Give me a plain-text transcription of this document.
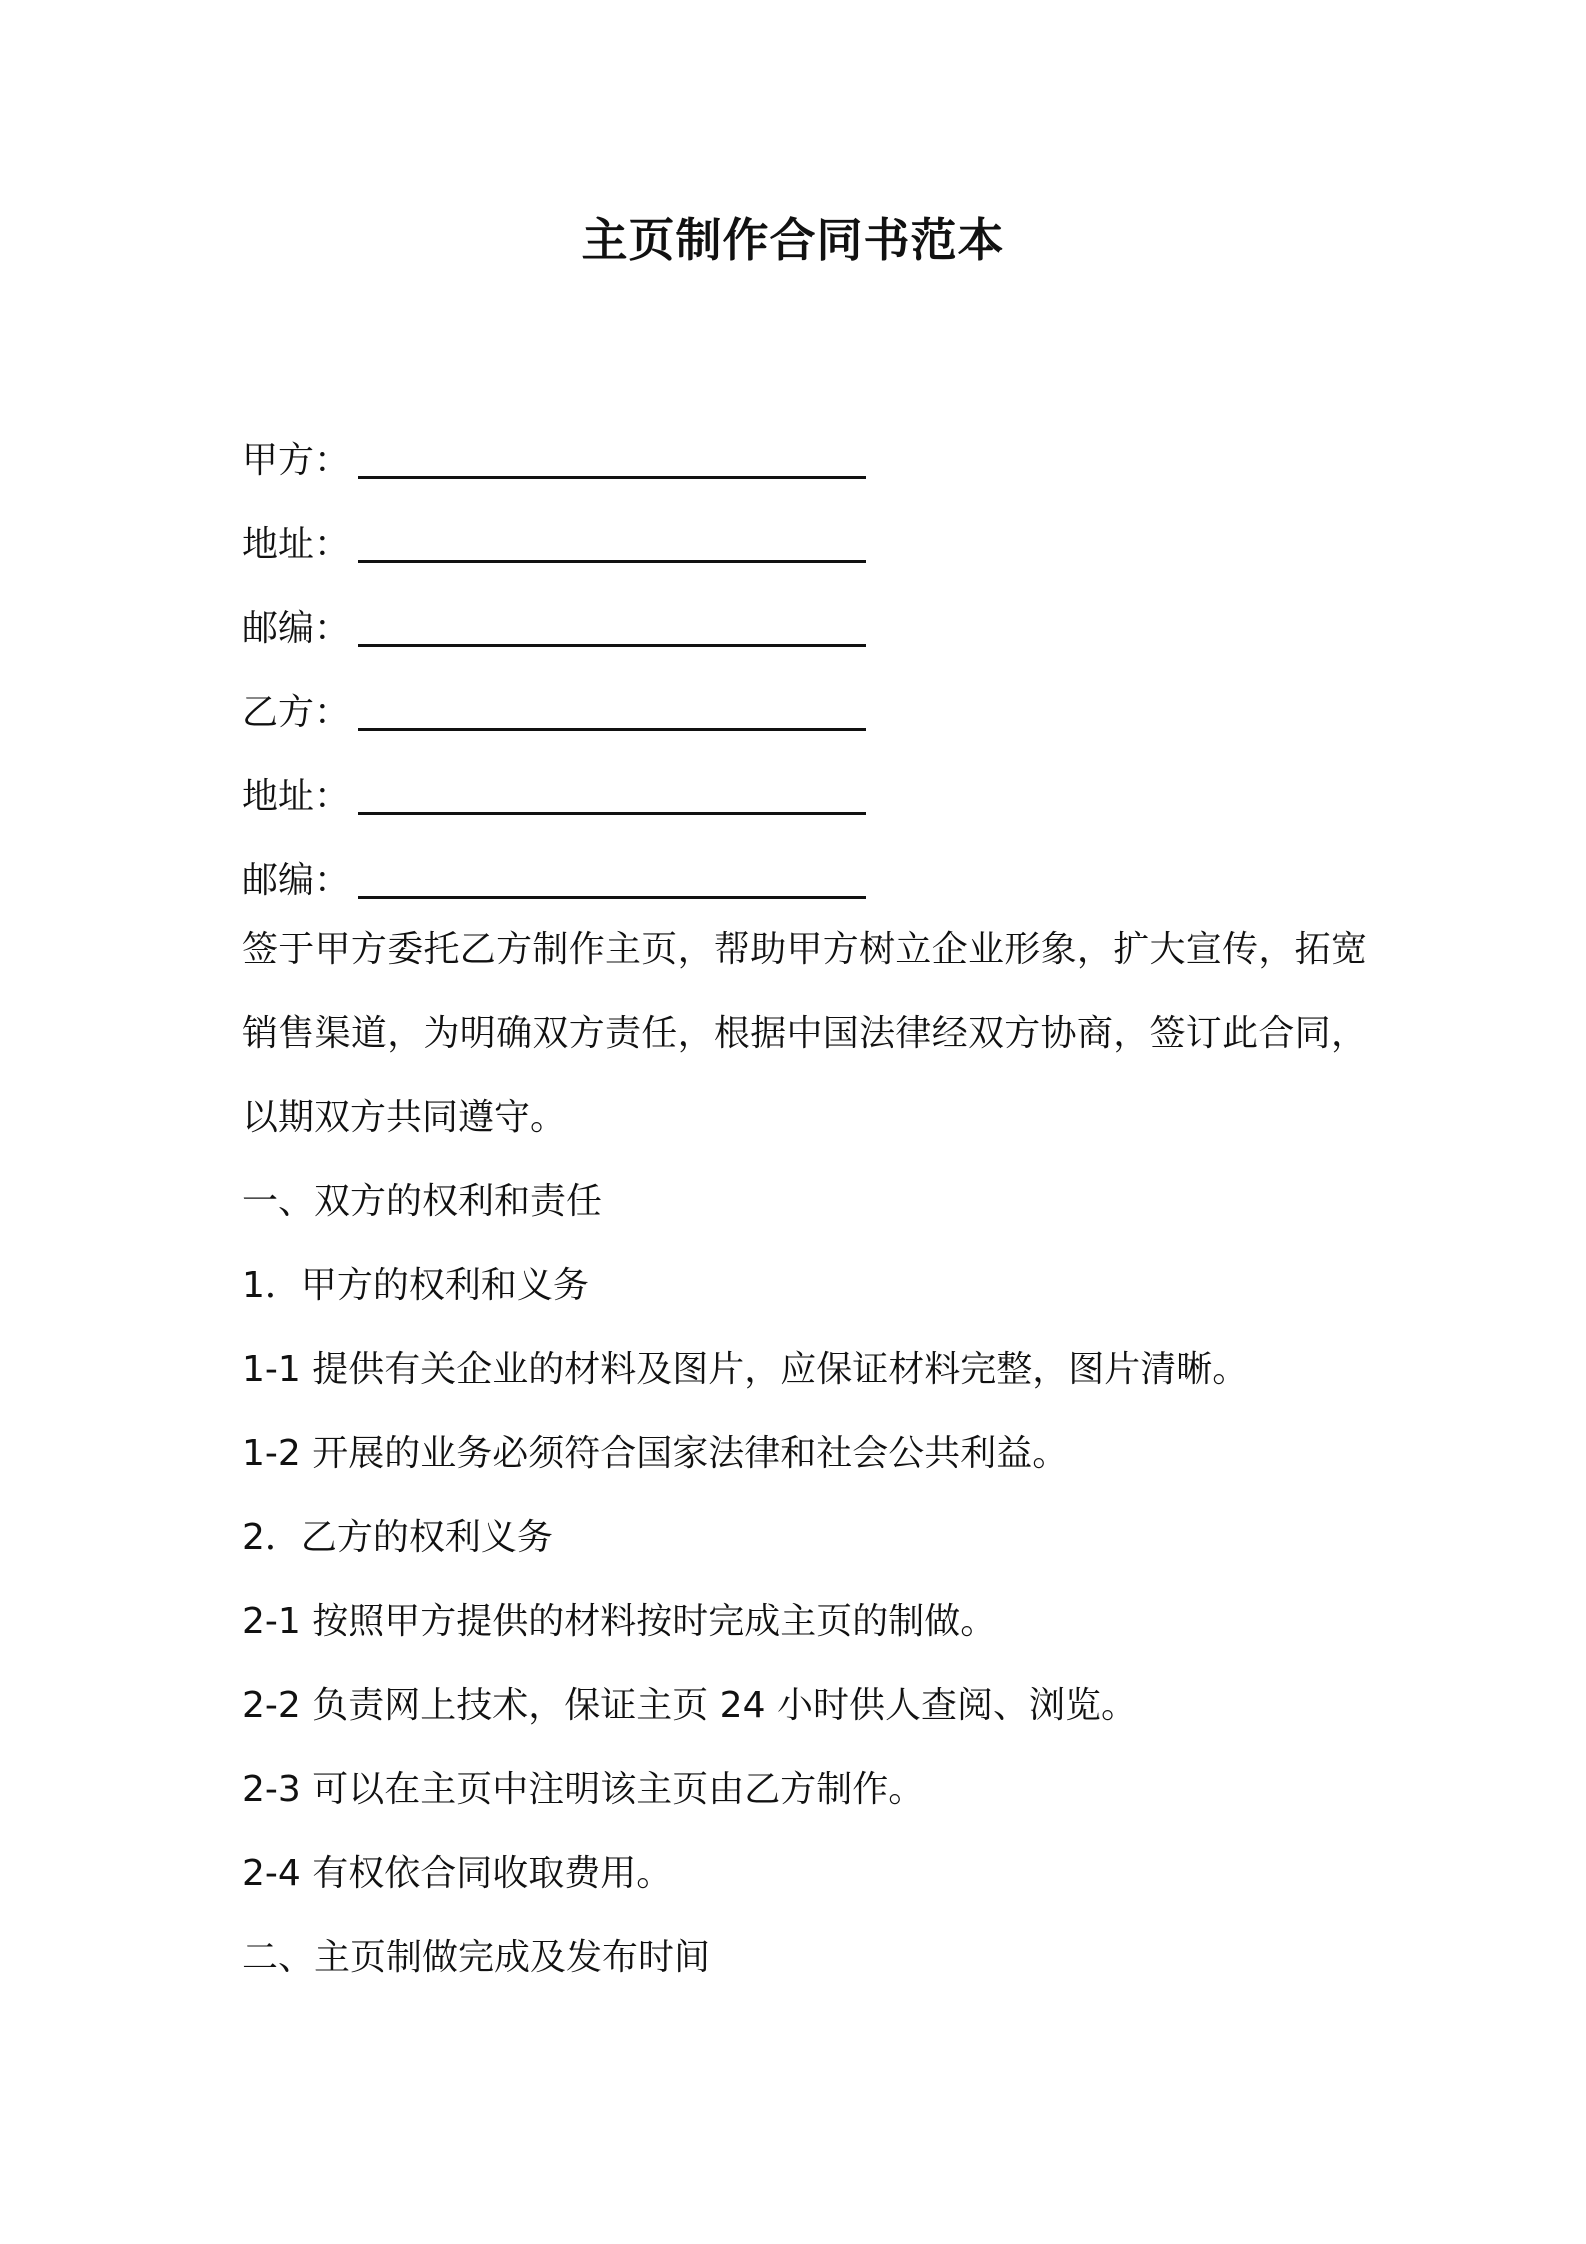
主页制作合同书范本
甲方：
地址：
邮编：
乙方：
地址：
邮编：

签于甲方委托乙方制作主页，帮助甲方树立企业形象，扩大宣传，拓宽销售渠道，为明确双方责任，根据中国法律经双方协商，签订此合同，以期双方共同遵守。

一、双方的权利和责任

1．甲方的权利和义务

1-1 提供有关企业的材料及图片，应保证材料完整，图片清晰。

1-2 开展的业务必须符合国家法律和社会公共利益。

2．乙方的权利义务

2-1 按照甲方提供的材料按时完成主页的制做。

2-2 负责网上技术，保证主页 24 小时供人查阅、浏览。

2-3 可以在主页中注明该主页由乙方制作。

2-4 有权依合同收取费用。

二、主页制做完成及发布时间
